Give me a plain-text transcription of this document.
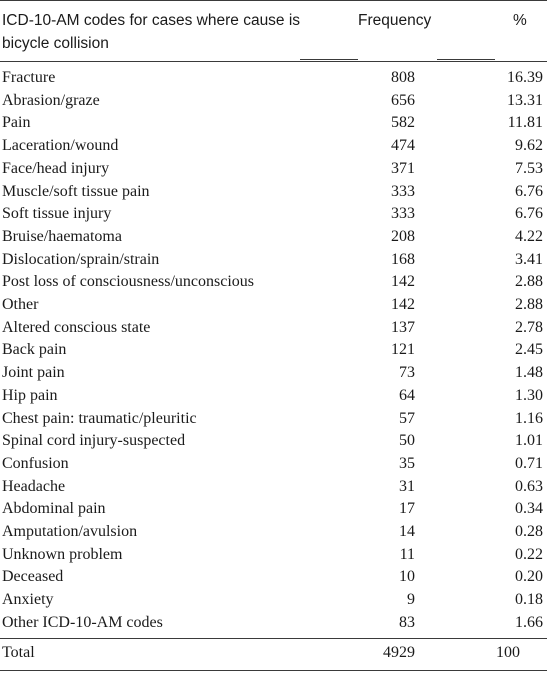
ICD-10-AM codes for cases where cause is bicycle collision
Frequency	%
Fracture	808	16.39
Abrasion/graze	656	13.31
Pain	582	11.81
Laceration/wound	474	9.62
Face/head injury	371	7.53
Muscle/soft tissue pain	333	6.76
Soft tissue injury	333	6.76
Bruise/haematoma	208	4.22
Dislocation/sprain/strain	168	3.41
Post loss of consciousness/unconscious	142	2.88
Other	142	2.88
Altered conscious state	137	2.78
Back pain	121	2.45
Joint pain	73	1.48
Hip pain	64	1.30
Chest pain: traumatic/pleuritic	57	1.16
Spinal cord injury-suspected	50	1.01
Confusion	35	0.71
Headache	31	0.63
Abdominal pain	17	0.34
Amputation/avulsion	14	0.28
Unknown problem	11	0.22
Deceased	10	0.20
Anxiety	9	0.18
Other ICD-10-AM codes	83	1.66
Total	4929	100
